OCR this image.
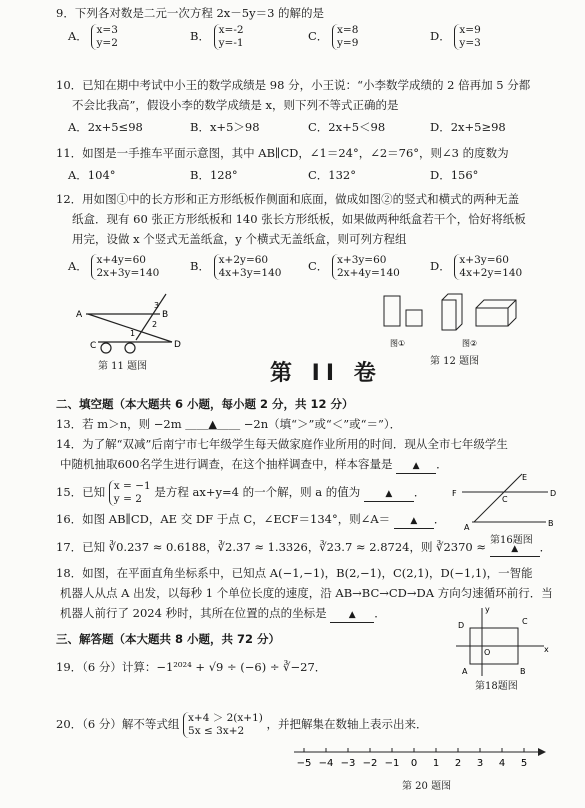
9．下列各对数是二元一次方程 2x－5y＝3 的解的是
A． x=3
y=2	B． x=-2
y=-1	C． x=8
y=9	D． x=9
y=3
10．已知在期中考试中小王的数学成绩是 98 分，小王说：“小李数学成绩的 2 倍再加 5 分都
不会比我高”，假设小李的数学成绩是 x，则下列不等式正确的是
A．2x+5≤98	B．x+5＞98	C．2x+5＜98	D．2x+5≥98
11．如图是一手推车平面示意图，其中 AB∥CD，∠1＝24°，∠2＝76°，则∠3 的度数为
A．104°	B．128°	C．132°	D．156°
12．用如图①中的长方形和正方形纸板作侧面和底面，做成如图②的竖式和横式的两种无盖
纸盒．现有 60 张正方形纸板和 140 张长方形纸板，如果做两种纸盒若干个，恰好将纸板
用完，设做 x 个竖式无盖纸盒，y 个横式无盖纸盒，则可列方程组
A． x+4y=60
2x+3y=140	B． x+2y=60
4x+3y=140 C． x+3y=60
2x+4y=140	D． x+3y=60
4x+2y=140
A	B
C	D
1
2
3
第 11 题图
图①	图②
第 12 题图
第 II 卷
二、填空题（本大题共 6 小题，每小题 2 分，共 12 分）
13．若 m＞n，则 −2m ＿＿▲＿＿ −2n（填“＞”或“＜”或“＝”）．
14．为了解“双减”后南宁市七年级学生每天做家庭作业所用的时间．现从全市七年级学生
中随机抽取600名学生进行调查，在这个抽样调查中，样本容量是 ▲ ．
15．已知 x = −1
y = 2 是方程 ax+y=4 的一个解，则 a 的值为	▲ ．
E
F
C
D
A	B
第16题图
16．如图 AB∥CD，AE 交 DF 于点 C，∠ECF＝134°，则∠A＝ ▲ ．
17．已知 ∛0.237 ≈ 0.6188，∛2.37 ≈ 1.3326，∛23.7 ≈ 2.8724，则 ∛2370 ≈	▲ ．
18．如图，在平面直角坐标系中，已知点 A(−1,−1)，B(2,−1)，C(2,1)，D(−1,1)，一智能
机器人从点 A 出发，以每秒 1 个单位长度的速度，沿 AB→BC→CD→DA 方向匀速循环前行．当
机器人前行了 2024 秒时，其所在位置的点的坐标是 ▲ ．
D	C
A	B
O	x
y
第18题图
三、解答题（本大题共 8 小题，共 72 分）
19．（6 分）计算：−1²⁰²⁴ + √9 ÷ (−6) ÷ ∛−27．
20．（6 分）解不等式组 x+4 ＞ 2(x+1)
5x ≤ 3x+2 ，并把解集在数轴上表示出来．
−5 −4 −3 −2 −1 0 1 2 3 4 5
第 20 题图
